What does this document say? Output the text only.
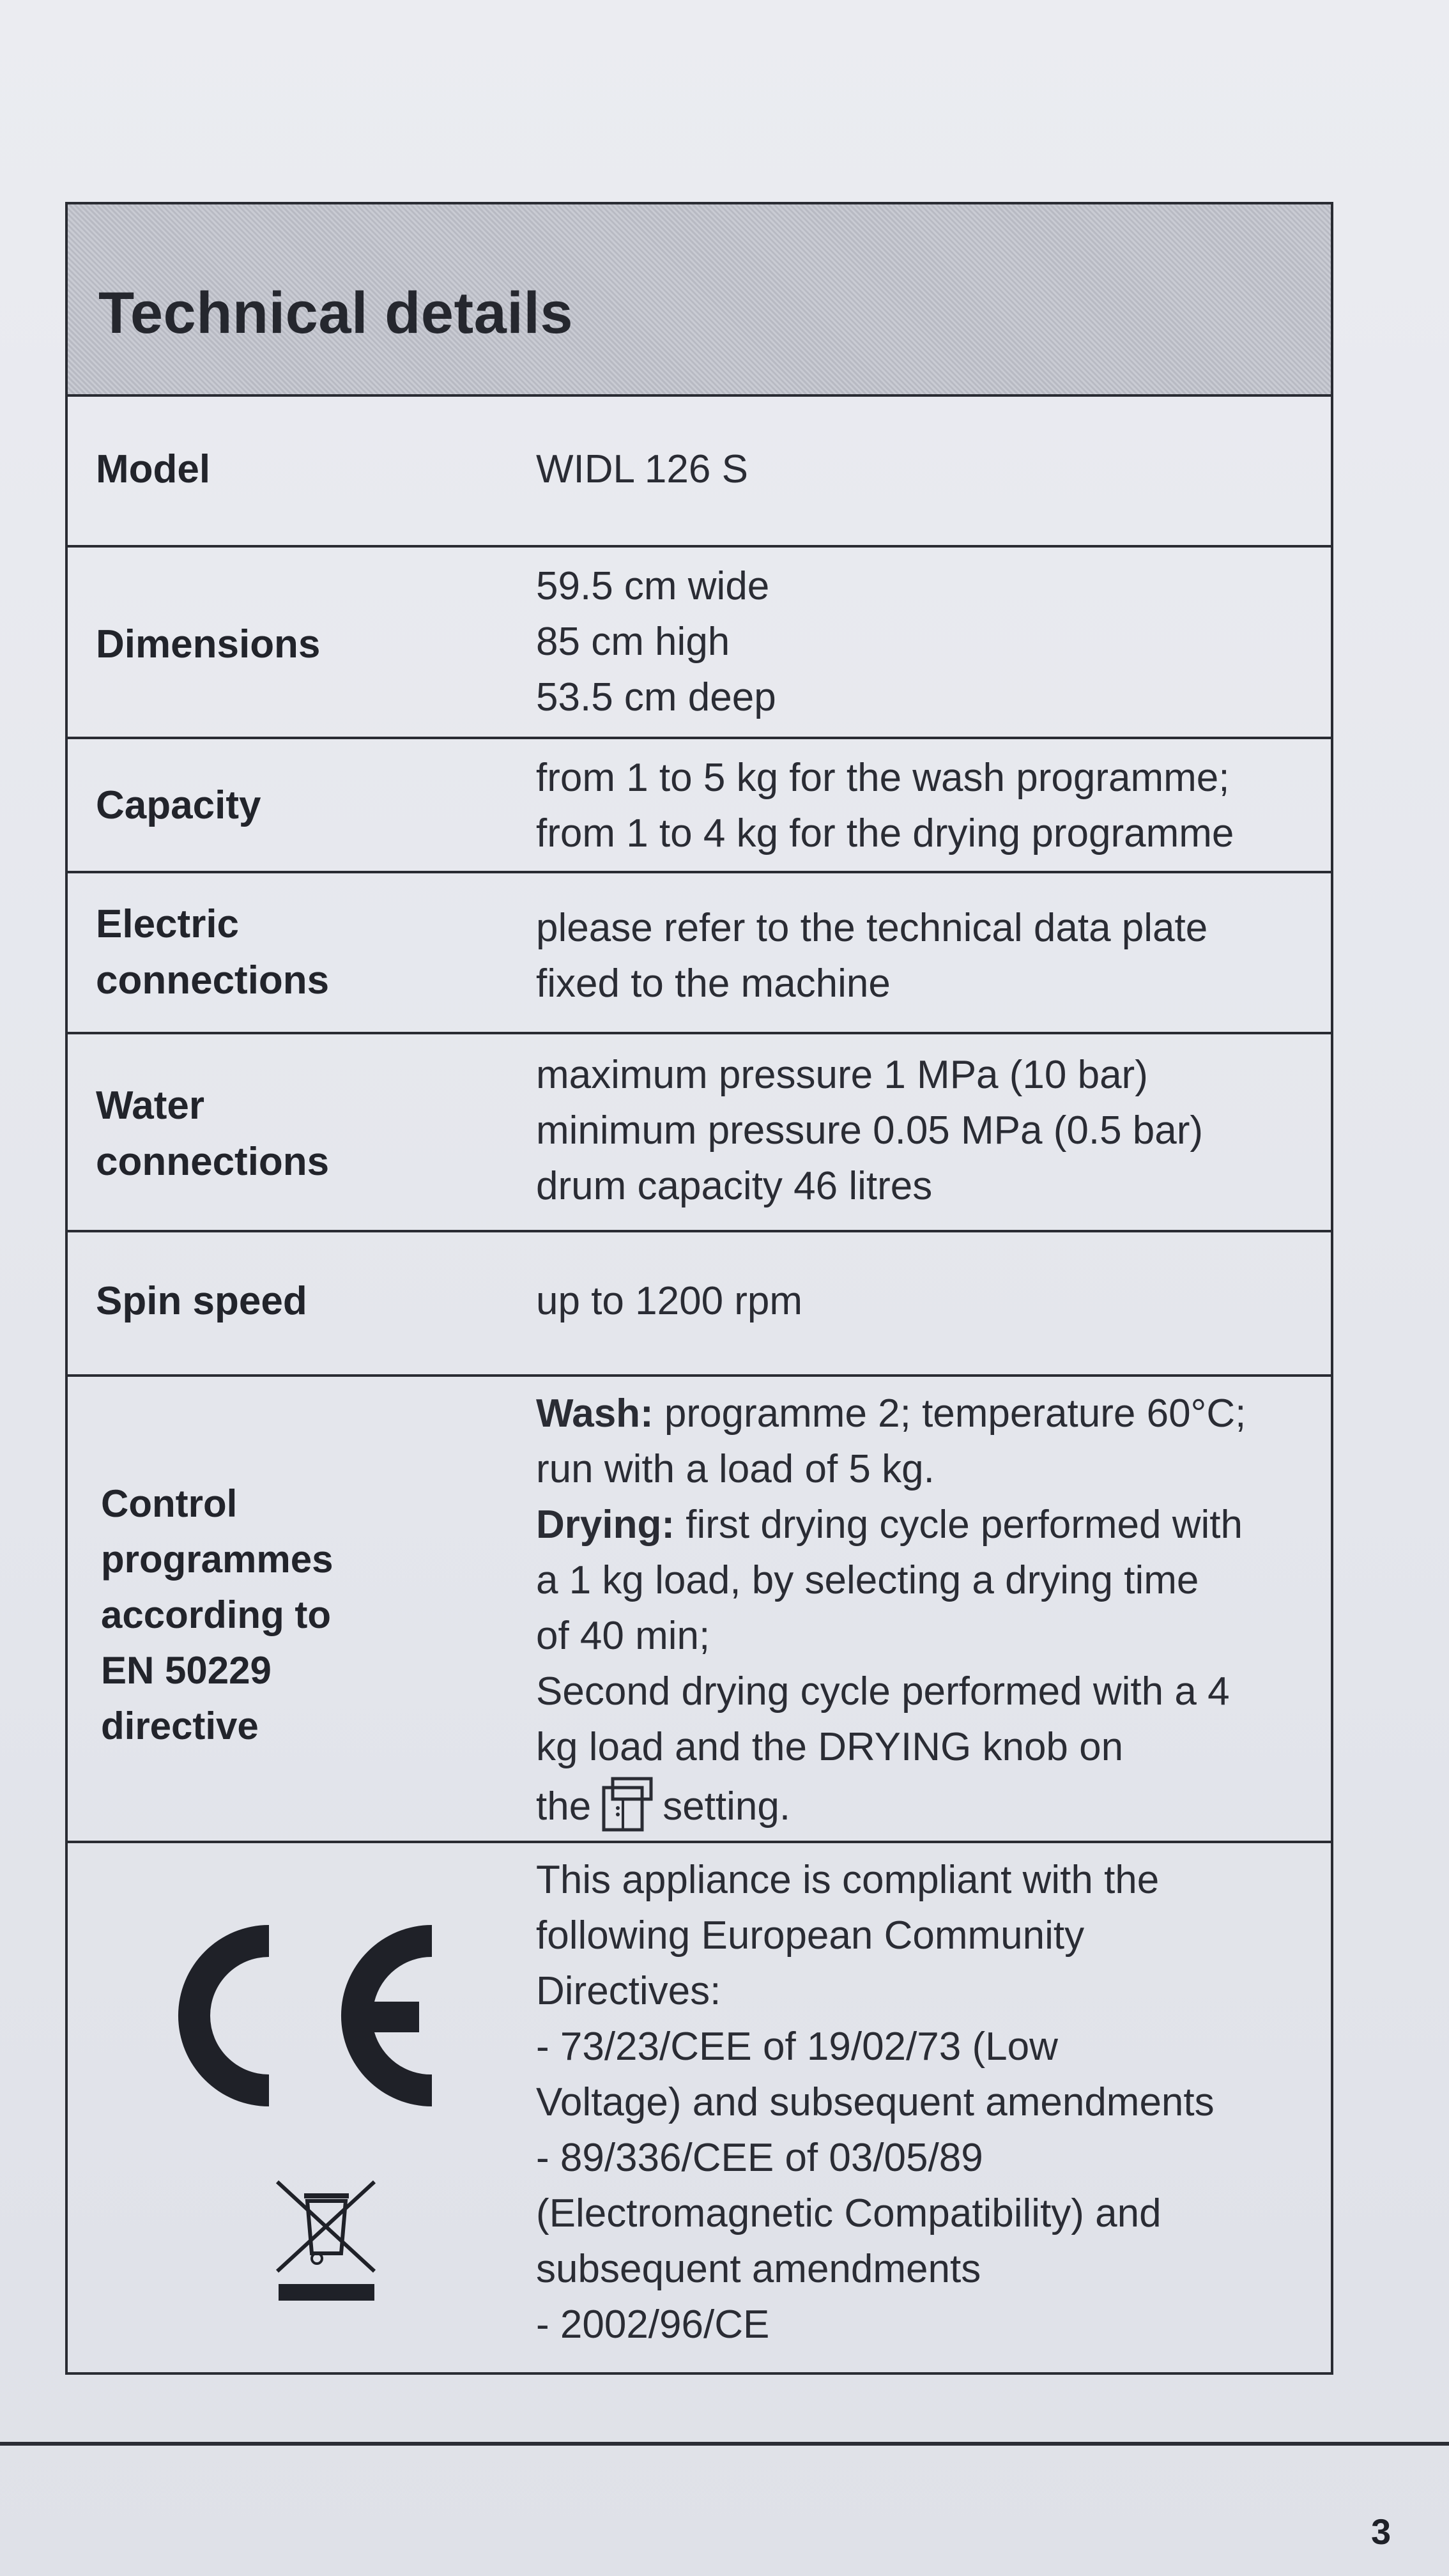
Technical details
Model	WIDL 126 S
Dimensions
59.5 cm wide
85 cm high
53.5 cm deep
Capacity
from 1 to 5 kg for the wash programme;
from 1 to 4 kg for the drying programme
Electric
connections
please refer to the technical data plate
fixed to the machine
Water
connections
maximum pressure 1 MPa (10 bar)
minimum pressure 0.05 MPa (0.5 bar)
drum capacity 46 litres
Spin speed	up to 1200 rpm
Control
programmes
according to
EN 50229
directive
Wash: programme 2; temperature 60°C;
run with a load of 5 kg.
Drying: first drying cycle performed with
a 1 kg load, by selecting a drying time
of 40 min;
Second drying cycle performed with a 4
kg load and the DRYING knob on
the setting.
This appliance is compliant with the
following European Community
Directives:
- 73/23/CEE of 19/02/73 (Low
Voltage) and subsequent amendments
- 89/336/CEE of 03/05/89
(Electromagnetic Compatibility) and
subsequent amendments
- 2002/96/CE
3
